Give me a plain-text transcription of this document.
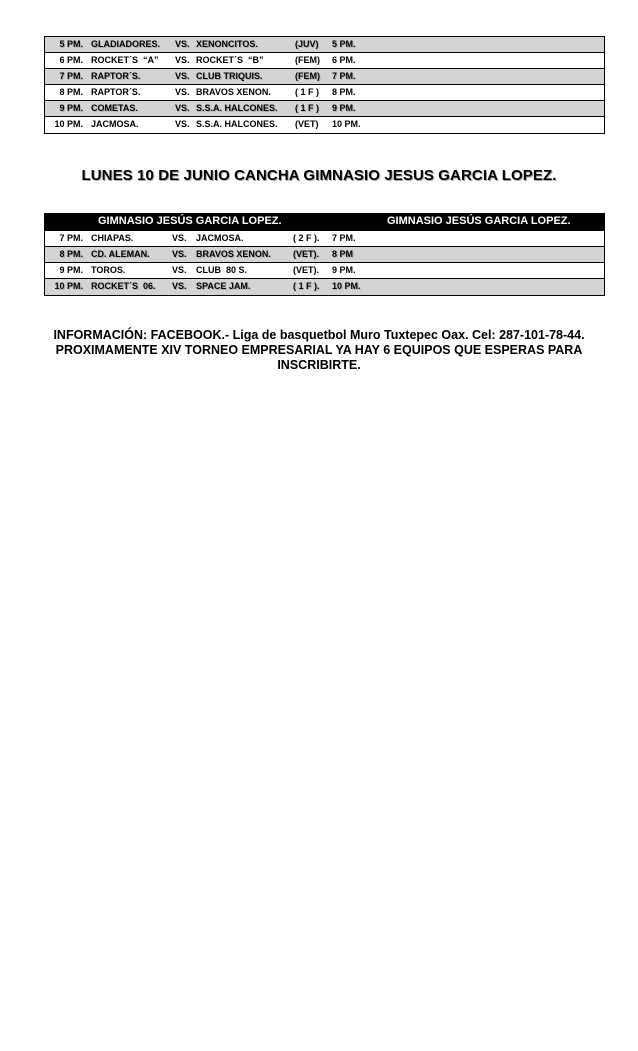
5 PM. GLADIADORES. VS. XENONCITOS.	(JUV) 5 PM.
6 PM. ROCKET´S  “A” VS. ROCKET´S  “B”	(FEM) 6 PM.
7 PM. RAPTOR´S.	VS. CLUB TRIQUIS.	(FEM) 7 PM.
8 PM. RAPTOR´S.	VS. BRAVOS XENON.	( 1 F ) 8 PM.
9 PM. COMETAS.	VS. S.S.A. HALCONES. ( 1 F ) 9 PM.
10 PM. JACMOSA.	VS. S.S.A. HALCONES. (VET) 10 PM.
LUNES 10 DE JUNIO CANCHA GIMNASIO JESUS GARCIA LOPEZ.
GIMNASIO JESÚS GARCIA LOPEZ.	GIMNASIO JESÚS GARCIA LOPEZ.
7 PM. CHIAPAS.	VS. JACMOSA.	( 2 F ). 7 PM.
8 PM. CD. ALEMAN. VS. BRAVOS XENON. (VET). 8 PM
9 PM. TOROS.	VS. CLUB  80 S.	(VET). 9 PM.
10 PM. ROCKET´S  06. VS. SPACE JAM.	( 1 F ). 10 PM.
INFORMACIÓN: FACEBOOK.- Liga de basquetbol Muro Tuxtepec Oax. Cel: 287-101-78-44.
PROXIMAMENTE XIV TORNEO EMPRESARIAL YA HAY 6 EQUIPOS QUE ESPERAS PARA
INSCRIBIRTE.
